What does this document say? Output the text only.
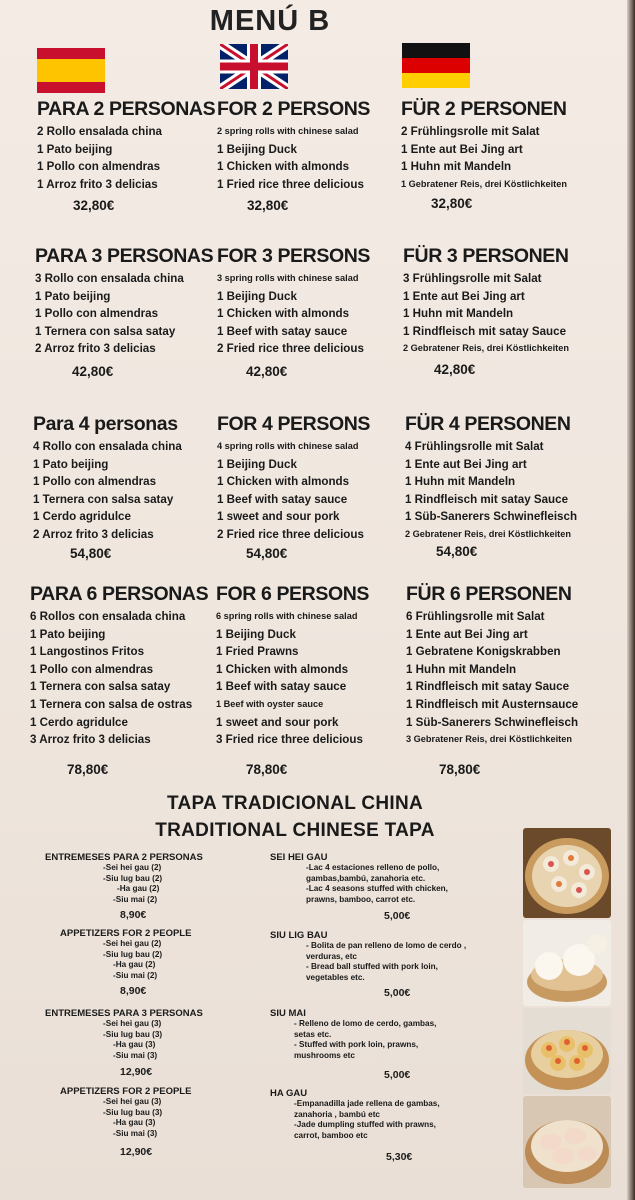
MENÚ B
PARA 2 PERSONAS
2 Rollo ensalada china
1 Pato beijing
1 Pollo con almendras
1 Arroz frito 3 delicias
FOR 2 PERSONS
2 spring rolls with chinese salad
1 Beijing Duck
1 Chicken with almonds
1 Fried rice three delicious
FÜR 2 PERSONEN
2 Frühlingsrolle mit Salat
1 Ente aut Bei Jing art
1 Huhn mit Mandeln
1 Gebratener Reis, drei Köstlichkeiten
32,80€	32,80€	32,80€
PARA 3 PERSONAS
3 Rollo con ensalada china
1 Pato beijing
1 Pollo con almendras
1 Ternera con salsa satay
2 Arroz frito 3 delicias
FOR 3 PERSONS
3 spring rolls with chinese salad
1 Beijing Duck
1 Chicken with almonds
1 Beef with satay sauce
2 Fried rice three delicious
FÜR 3 PERSONEN
3 Frühlingsrolle mit Salat
1 Ente aut Bei Jing art
1 Huhn mit Mandeln
1 Rindfleisch mit satay Sauce
2 Gebratener Reis, drei Köstlichkeiten
42,80€	42,80€	42,80€
Para 4 personas
4 Rollo con ensalada china
1 Pato beijing
1 Pollo con almendras
1 Ternera con salsa satay
1 Cerdo agridulce
2 Arroz frito 3 delicias
FOR 4 PERSONS
4 spring rolls with chinese salad
1 Beijing Duck
1 Chicken with almonds
1 Beef with satay sauce
1 sweet and sour pork
2 Fried rice three delicious
FÜR 4 PERSONEN
4 Frühlingsrolle mit Salat
1 Ente aut Bei Jing art
1 Huhn mit Mandeln
1 Rindfleisch mit satay Sauce
1 Süb-Sanerers Schwinefleisch
2 Gebratener Reis, drei Köstlichkeiten
54,80€	54,80€	54,80€
PARA 6 PERSONAS
6 Rollos con ensalada china
1 Pato beijing
1 Langostinos Fritos
1 Pollo con almendras
1 Ternera con salsa satay
1 Ternera con salsa de ostras
1 Cerdo agridulce
3 Arroz frito 3 delicias
FOR 6 PERSONS
6 spring rolls with chinese salad
1 Beijing Duck
1 Fried Prawns
1 Chicken with almonds
1 Beef with satay sauce
1 Beef with oyster sauce
1 sweet and sour pork
3 Fried rice three delicious
FÜR 6 PERSONEN
6 Frühlingsrolle mit Salat
1 Ente aut Bei Jing art
1 Gebratene Konigskrabben
1 Huhn mit Mandeln
1 Rindfleisch mit satay Sauce
1 Rindfleisch mit Austernsauce
1 Süb-Sanerers Schwinefleisch
3 Gebratener Reis, drei Köstlichkeiten
78,80€	78,80€	78,80€
TAPA TRADICIONAL CHINA
TRADITIONAL CHINESE TAPA
ENTREMESES PARA 2 PERSONAS
-Sei hei gau (2)
-Siu lug bau (2)
-Ha gau (2)
-Siu mai (2)
8,90€
APPETIZERS FOR 2 PEOPLE
-Sei hei gau (2)
-Siu lug bau (2)
-Ha gau (2)
-Siu mai (2)
8,90€
ENTREMESES PARA 3 PERSONAS
-Sei hei gau (3)
-Siu lug bau (3)
-Ha gau (3)
-Siu mai (3)
12,90€
APPETIZERS FOR 2 PEOPLE
-Sei hei gau (3)
-Siu lug bau (3)
-Ha gau (3)
-Siu mai (3)
12,90€
SEI HEI GAU
-Lac 4 estaciones relleno de pollo,
gambas,bambú, zanahoria etc.
-Lac 4 seasons stuffed with chicken,
prawns, bamboo, carrot etc.
5,00€
SIU LIG BAU
- Bolita de pan relleno de lomo de cerdo ,
verduras, etc
- Bread ball stuffed with pork loin,
vegetables etc.
5,00€
SIU MAI
- Relleno de lomo de cerdo, gambas,
setas etc.
- Stuffed with pork loin, prawns,
mushrooms etc
5,00€
HA GAU
-Empanadilla jade rellena de gambas,
zanahoria , bambú etc
-Jade dumpling stuffed with prawns,
carrot, bamboo etc
5,30€
